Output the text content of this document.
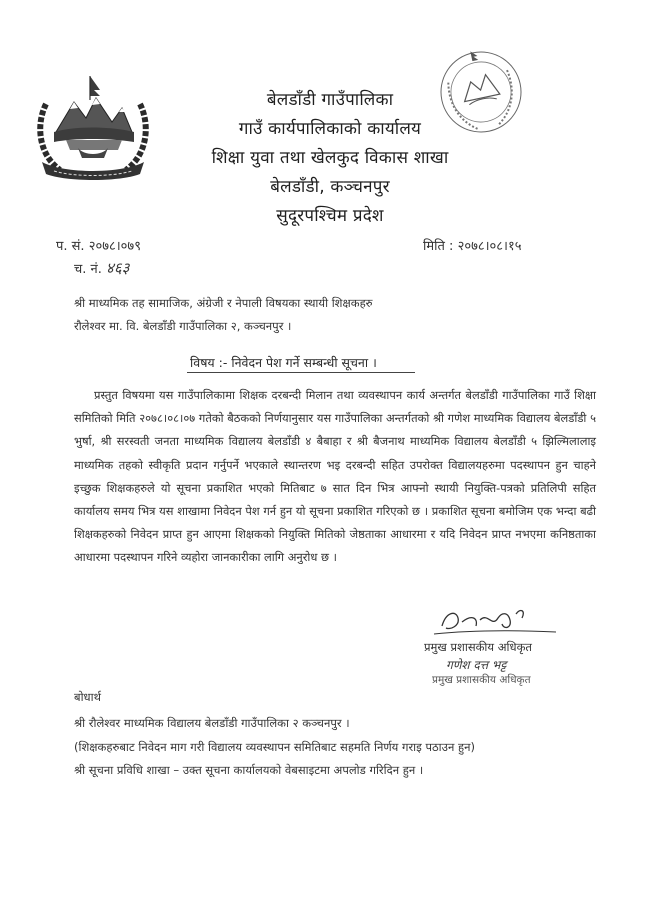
बेलडाँडी गाउँपालिका
गाउँ कार्यपालिकाको कार्यालय
शिक्षा युवा तथा खेलकुद विकास शाखा
बेलडाँडी, कञ्चनपुर
सुदूरपश्चिम प्रदेश
प. सं. २०७८।०७९
च. नं. ४६३
मिति : २०७८।०८।१५
श्री माध्यमिक तह सामाजिक, अंग्रेजी र नेपाली विषयका स्थायी शिक्षकहरु
रौलेश्वर मा. वि. बेलडाँडी गाउँपालिका २, कञ्चनपुर ।
विषय :- निवेदन पेश गर्ने सम्बन्धी सूचना ।
प्रस्तुत विषयमा यस गाउँपालिकामा शिक्षक दरबन्दी मिलान तथा व्यवस्थापन कार्य अन्तर्गत बेलडाँडी गाउँपालिका गाउँ शिक्षा समितिको मिति २०७८।०८।०७ गतेको बैठकको निर्णयानुसार यस गाउँपालिका अन्तर्गतको श्री गणेश माध्यमिक विद्यालय बेलडाँडी ५ भुर्षा, श्री सरस्वती जनता माध्यमिक विद्यालय बेलडाँडी ४ बैबाहा र श्री बैजनाथ माध्यमिक विद्यालय बेलडाँडी ५ झिल्मिलालाइ माध्यमिक तहको स्वीकृति प्रदान गर्नुपर्ने भएकाले स्थान्तरण भइ दरबन्दी सहित उपरोक्त विद्यालयहरुमा पदस्थापन हुन चाहने इच्छुक शिक्षकहरुले यो सूचना प्रकाशित भएको मितिबाट ७ सात दिन भित्र आफ्नो स्थायी नियुक्ति-पत्रको प्रतिलिपी सहित कार्यालय समय भित्र यस शाखामा निवेदन पेश गर्न हुन यो सूचना प्रकाशित गरिएको छ । प्रकाशित सूचना बमोजिम एक भन्दा बढी शिक्षकहरुको निवेदन प्राप्त हुन आएमा शिक्षकको नियुक्ति मितिको जेष्ठताका आधारमा र यदि निवेदन प्राप्त नभएमा कनिष्ठताका आधारमा पदस्थापन गरिने व्यहोरा जानकारीका लागि अनुरोध छ ।
प्रमुख प्रशासकीय अधिकृत
गणेश दत्त भट्ट
प्रमुख प्रशासकीय अधिकृत
बोधार्थ
श्री रौलेश्वर माध्यमिक विद्यालय बेलडाँडी गाउँपालिका २ कञ्चनपुर ।
(शिक्षकहरुबाट निवेदन माग गरी विद्यालय व्यवस्थापन समितिबाट सहमति निर्णय गराइ पठाउन हुन)
श्री सूचना प्रविधि शाखा – उक्त सूचना कार्यालयको वेबसाइटमा अपलोड गरिदिन हुन ।
